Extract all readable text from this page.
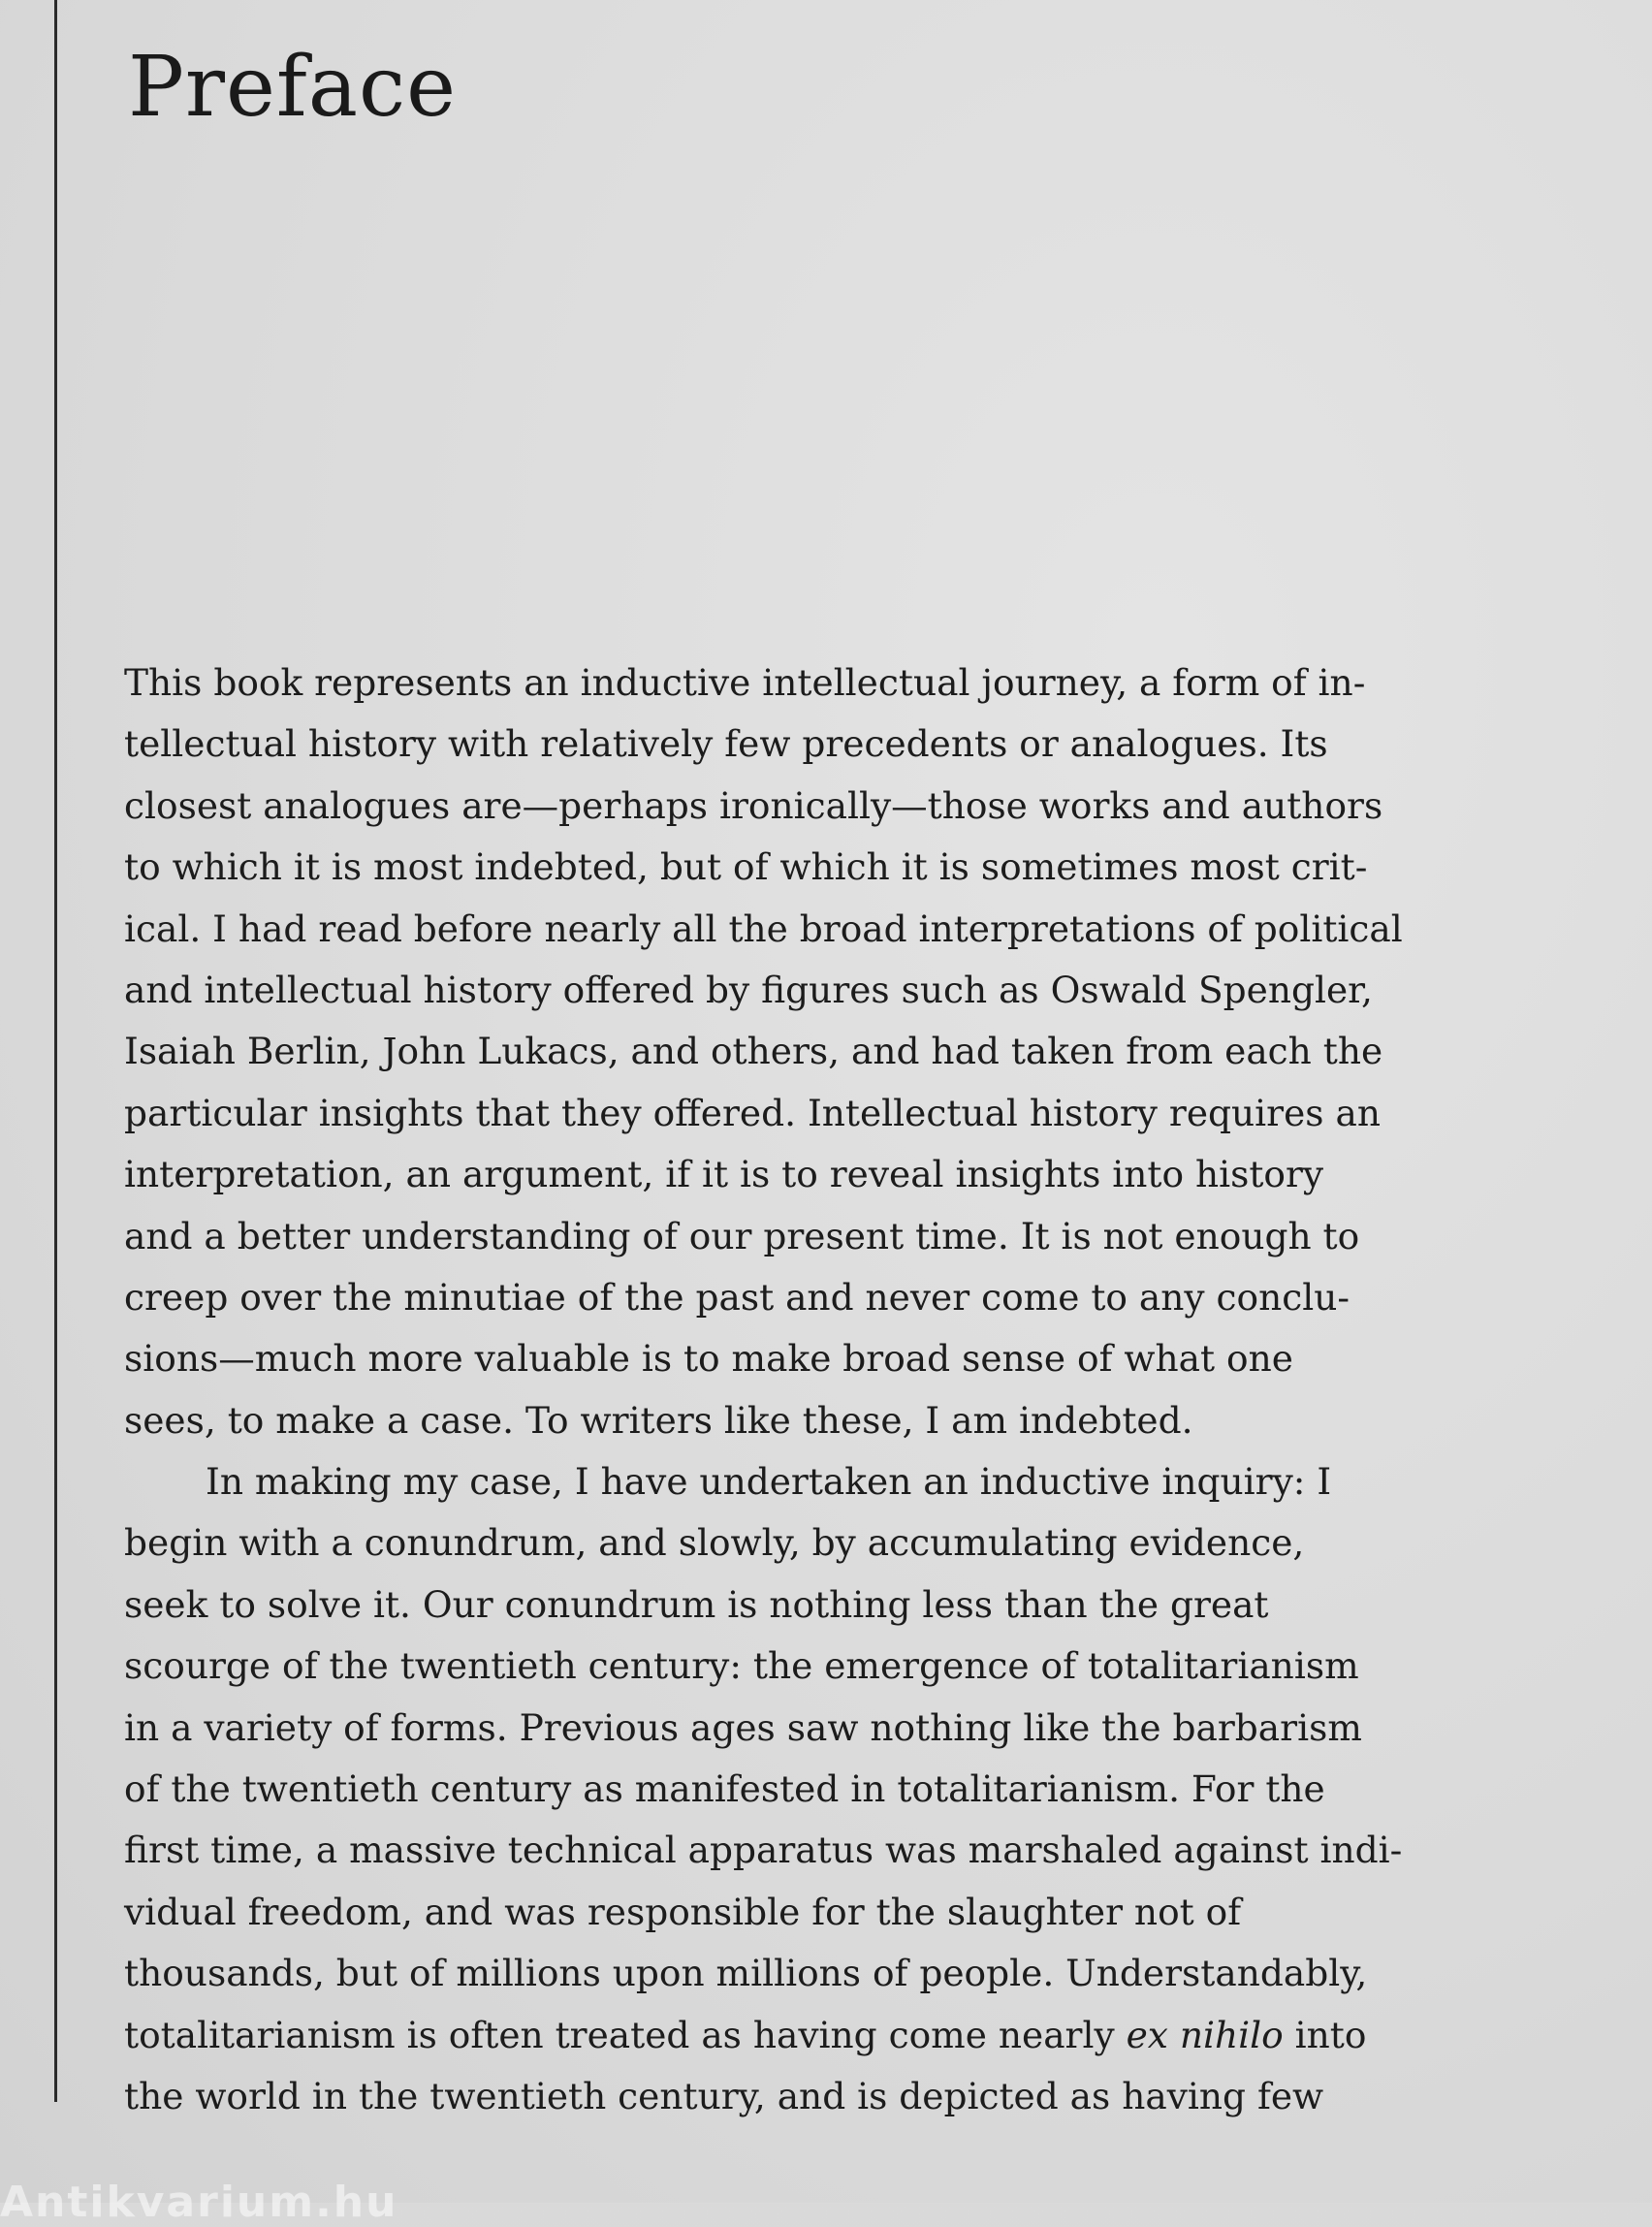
Preface
This book represents an inductive intellectual journey, a form of in-
tellectual history with relatively few precedents or analogues. Its
closest analogues are—perhaps ironically—those works and authors
to which it is most indebted, but of which it is sometimes most crit-
ical. I had read before nearly all the broad interpretations of political
and intellectual history offered by figures such as Oswald Spengler,
Isaiah Berlin, John Lukacs, and others, and had taken from each the
particular insights that they offered. Intellectual history requires an
interpretation, an argument, if it is to reveal insights into history
and a better understanding of our present time. It is not enough to
creep over the minutiae of the past and never come to any conclu-
sions—much more valuable is to make broad sense of what one
sees, to make a case. To writers like these, I am indebted.
In making my case, I have undertaken an inductive inquiry: I
begin with a conundrum, and slowly, by accumulating evidence,
seek to solve it. Our conundrum is nothing less than the great
scourge of the twentieth century: the emergence of totalitarianism
in a variety of forms. Previous ages saw nothing like the barbarism
of the twentieth century as manifested in totalitarianism. For the
first time, a massive technical apparatus was marshaled against indi-
vidual freedom, and was responsible for the slaughter not of
thousands, but of millions upon millions of people. Understandably,
totalitarianism is often treated as having come nearly ex nihilo into
the world in the twentieth century, and is depicted as having few
Antikvarium.hu
